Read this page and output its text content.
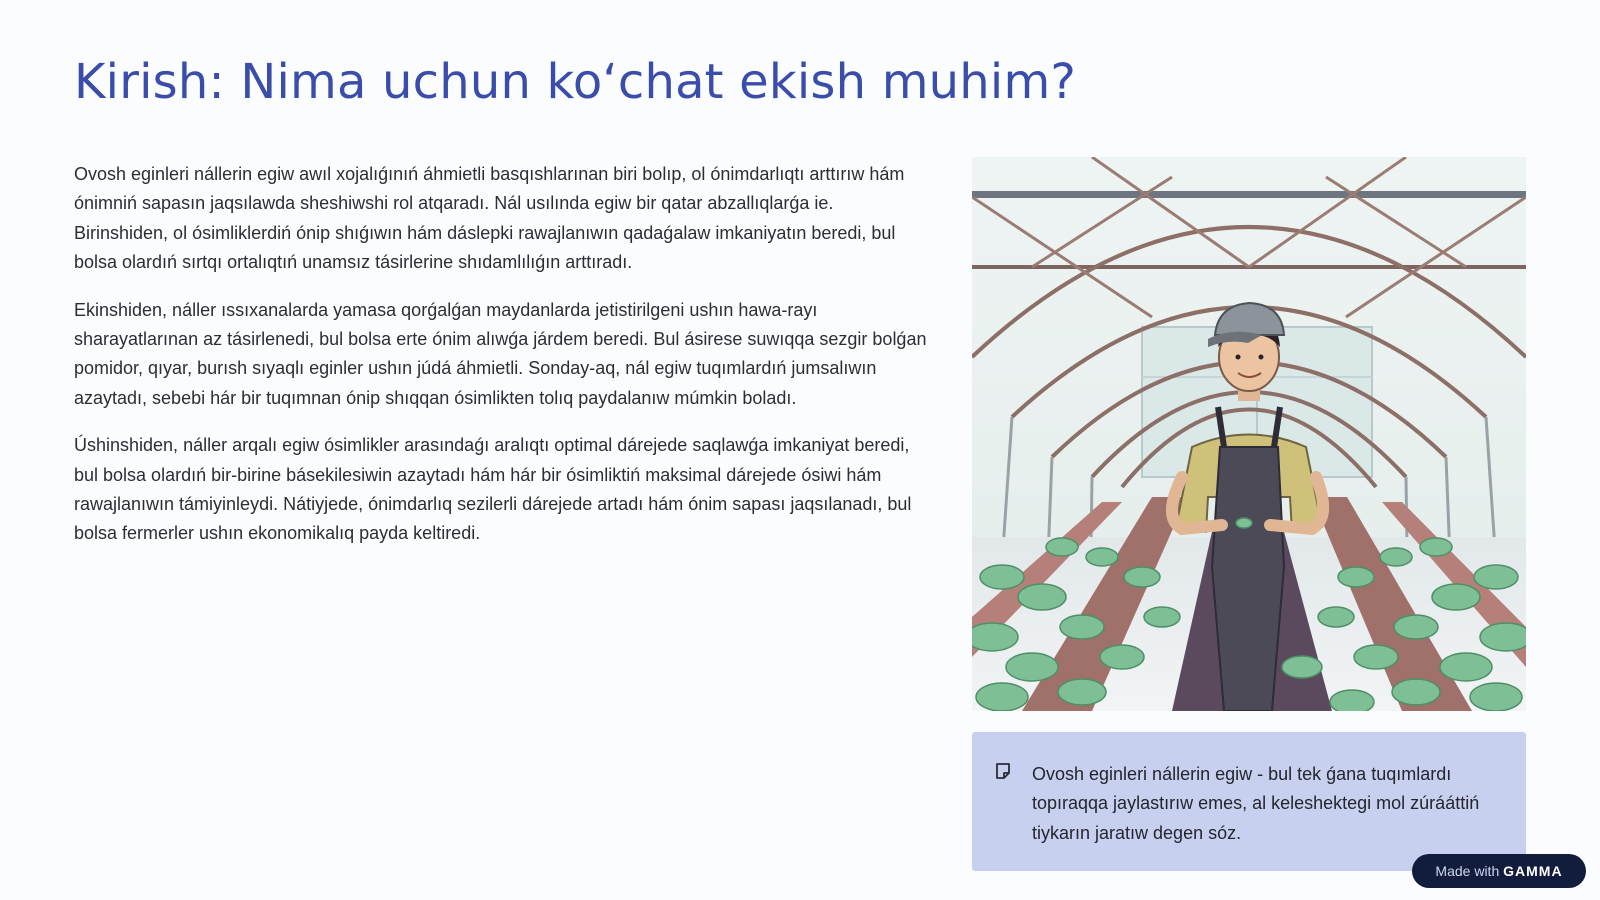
Kirish: Nima uchun ko‘chat ekish muhim?

Ovosh eginleri nállerin egiw awıl xojalıǵınıń áhmietli basqıshlarınan biri bolıp, ol ónimdarlıqtı arttırıw hám ónimniń sapasın jaqsılawda sheshiwshi rol atqaradı. Nál usılında egiw bir qatar abzallıqlarǵa ie. Birinshiden, ol ósimliklerdiń ónip shıǵıwın hám dáslepki rawajlanıwın qadaǵalaw imkaniyatın beredi, bul bolsa olardıń sırtqı ortalıqtıń unamsız tásirlerine shıdamlılıǵın arttıradı.

Ekinshiden, náller ıssıxanalarda yamasa qorǵalǵan maydanlarda jetistirilgeni ushın hawa-rayı sharayatlarınan az tásirlenedi, bul bolsa erte ónim alıwǵa járdem beredi. Bul ásirese suwıqqa sezgir bolǵan pomidor, qıyar, burısh sıyaqlı eginler ushın júdá áhmietli. Sonday-aq, nál egiw tuqımlardıń jumsalıwın azaytadı, sebebi hár bir tuqımnan ónip shıqqan ósimlikten tolıq paydalanıw múmkin boladı.

Úshinshiden, náller arqalı egiw ósimlikler arasındaǵı aralıqtı optimal dárejede saqlawǵa imkaniyat beredi, bul bolsa olardıń bir-birine básekilesiwin azaytadı hám hár bir ósimliktiń maksimal dárejede ósiwi hám rawajlanıwın támiyinleydi. Nátiyjede, ónimdarlıq sezilerli dárejede artadı hám ónim sapası jaqsılanadı, bul bolsa fermerler ushın ekonomikalıq payda keltiredi.

Ovosh eginleri nállerin egiw - bul tek ǵana tuqımlardı topıraqqa jaylastırıw emes, al keleshektegi mol zúrááttiń tiykarın jaratıw degen sóz.
Made with GAMMA
